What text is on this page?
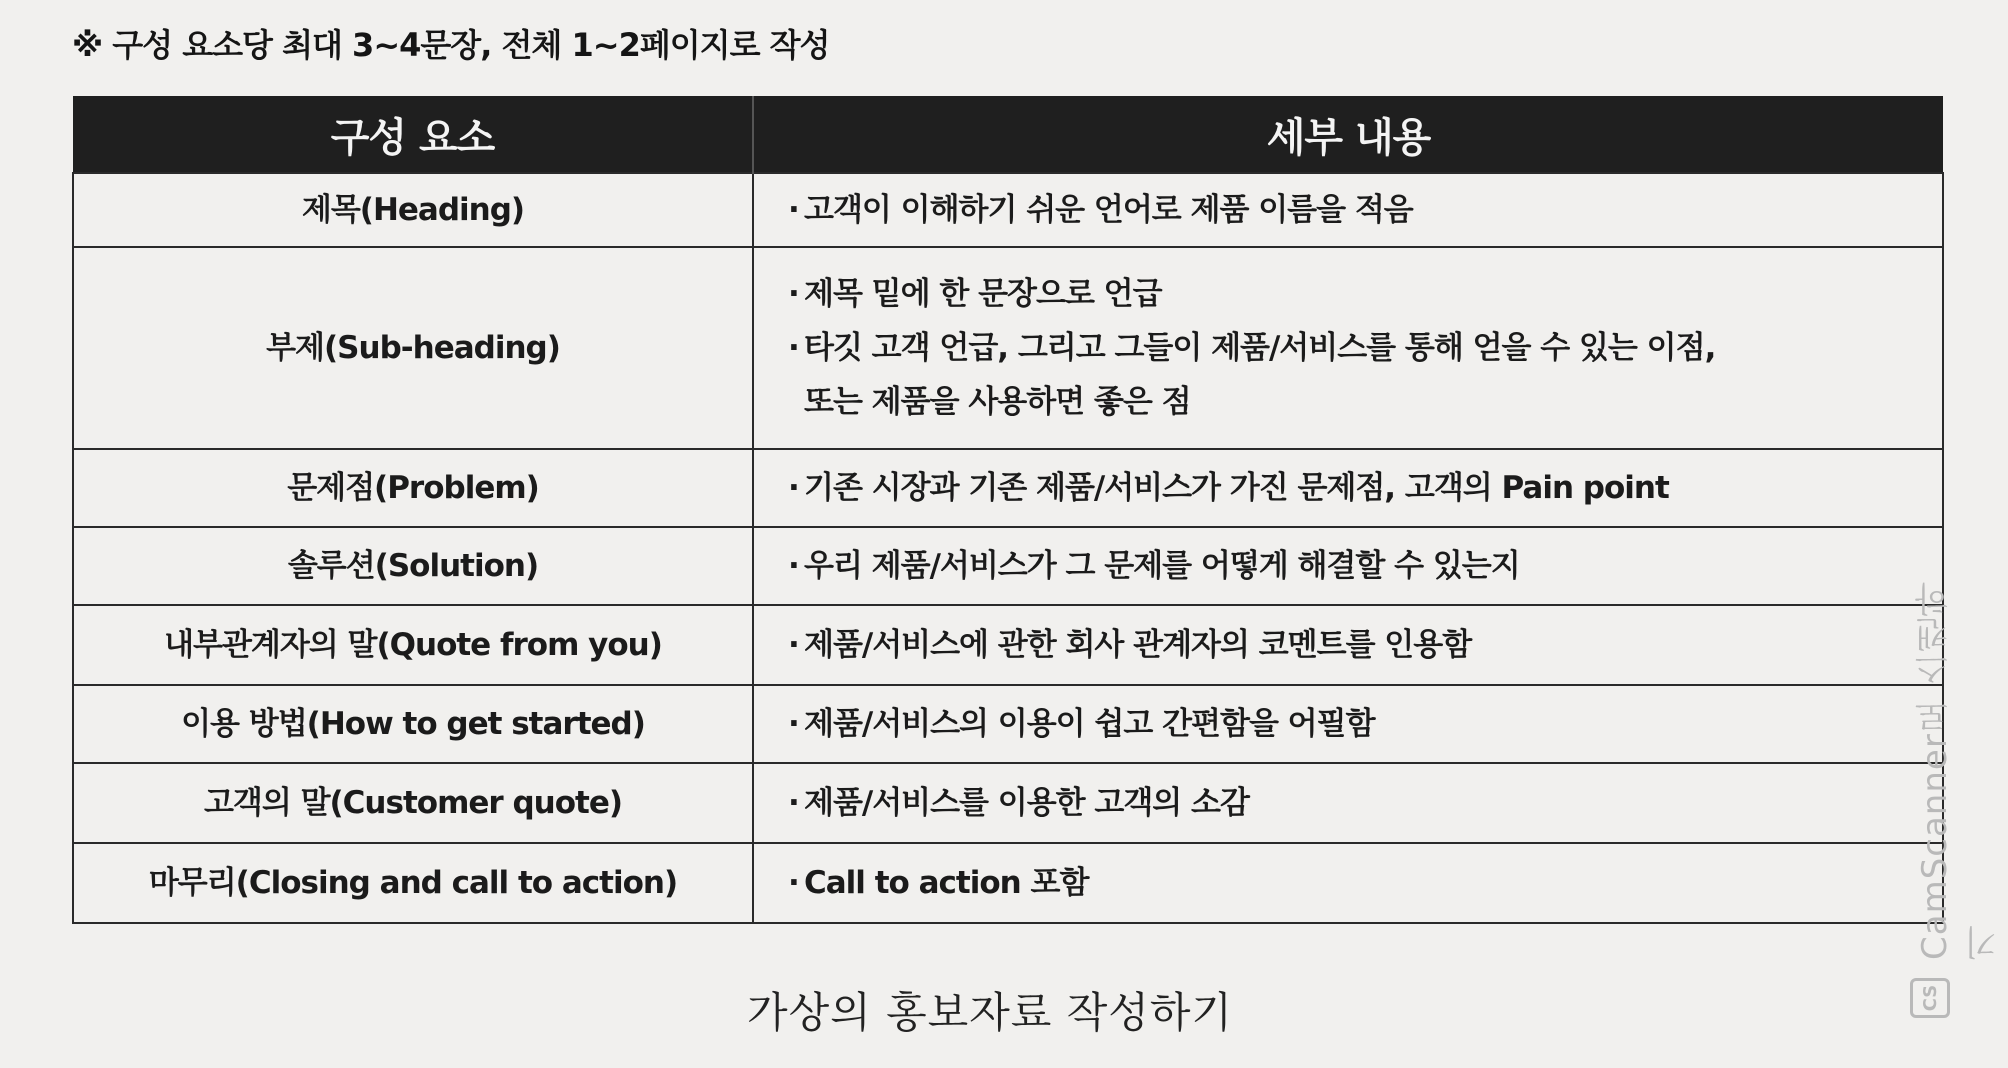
※ 구성 요소당 최대 3~4문장, 전체 1~2페이지로 작성
구성 요소	세부 내용
제목(Heading)	· 고객이 이해하기 쉬운 언어로 제품 이름을 적음

부제(Sub-heading)	· 제목 밑에 한 문장으로 언급
· 타깃 고객 언급, 그리고 그들이 제품/서비스를 통해 얻을 수 있는 이점,
또는 제품을 사용하면 좋은 점

문제점(Problem)	· 기존 시장과 기존 제품/서비스가 가진 문제점, 고객의 Pain point

솔루션(Solution)	· 우리 제품/서비스가 그 문제를 어떻게 해결할 수 있는지

내부관계자의 말(Quote from you)	· 제품/서비스에 관한 회사 관계자의 코멘트를 인용함

이용 방법(How to get started)	· 제품/서비스의 이용이 쉽고 간편함을 어필함

고객의 말(Customer quote)	· 제품/서비스를 이용한 고객의 소감

마무리(Closing and call to action)	· Call to action 포함
가상의 홍보자료 작성하기
CamScanner로 스캔하기
CS
